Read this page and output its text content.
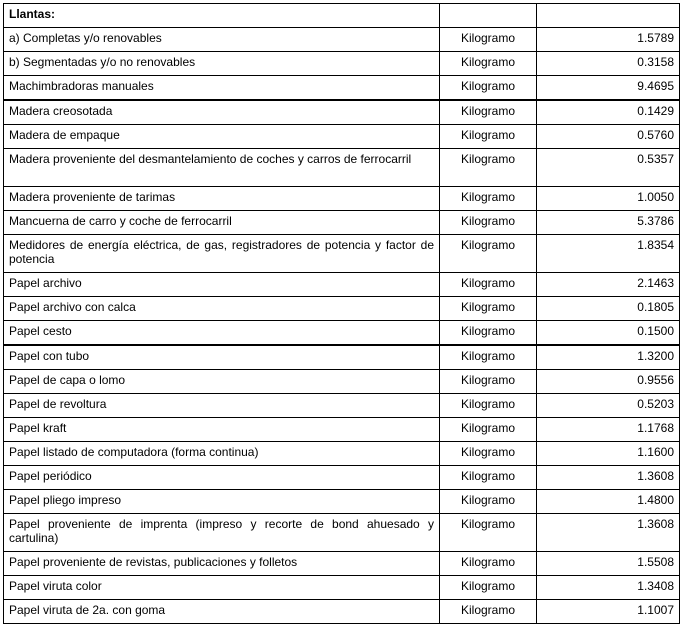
Llantas:		
a) Completas y/o renovables	Kilogramo	1.5789
b) Segmentadas y/o no renovables	Kilogramo	0.3158
Machimbradoras manuales	Kilogramo	9.4695
Madera creosotada	Kilogramo	0.1429
Madera de empaque	Kilogramo	0.5760
Madera proveniente del desmantelamiento de coches y carros de ferrocarril	Kilogramo	0.5357
Madera proveniente de tarimas	Kilogramo	1.0050
Mancuerna de carro y coche de ferrocarril	Kilogramo	5.3786
Medidores de energía eléctrica, de gas, registradores de potencia y factor de potencia	Kilogramo	1.8354
Papel archivo	Kilogramo	2.1463
Papel archivo con calca	Kilogramo	0.1805
Papel cesto	Kilogramo	0.1500
Papel con tubo	Kilogramo	1.3200
Papel de capa o lomo	Kilogramo	0.9556
Papel de revoltura	Kilogramo	0.5203
Papel kraft	Kilogramo	1.1768
Papel listado de computadora (forma continua)	Kilogramo	1.1600
Papel periódico	Kilogramo	1.3608
Papel pliego impreso	Kilogramo	1.4800
Papel proveniente de imprenta (impreso y recorte de bond ahuesado y cartulina)	Kilogramo	1.3608
Papel proveniente de revistas, publicaciones y folletos	Kilogramo	1.5508
Papel viruta color	Kilogramo	1.3408
Papel viruta de 2a. con goma	Kilogramo	1.1007
